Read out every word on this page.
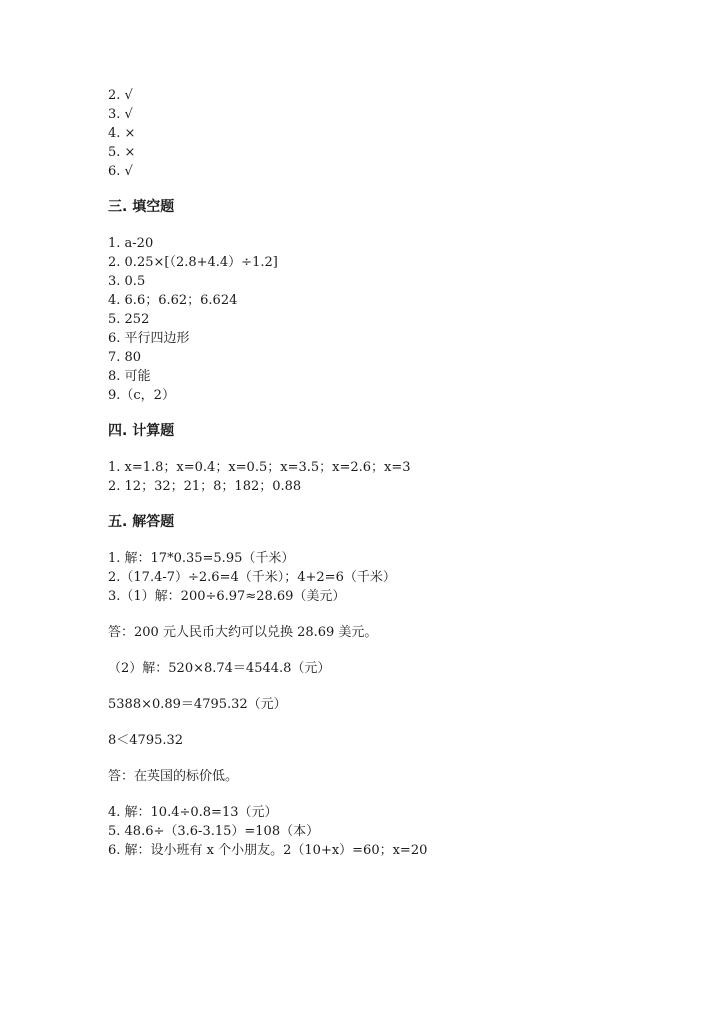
2. √
3. √
4. ×
5. ×
6. √
三. 填空题
1. a-20
2. 0.25×[（2.8+4.4）÷1.2]
3. 0.5
4. 6.6；6.62；6.624
5. 252
6. 平行四边形
7. 80
8. 可能
9.（c，2）
四. 计算题
1. x=1.8；x=0.4；x=0.5；x=3.5；x=2.6；x=3
2. 12；32；21；8；182；0.88
五. 解答题
1. 解：17*0.35=5.95（千米）
2.（17.4-7）÷2.6=4（千米）；4+2=6（千米）
3.（1）解：200÷6.97≈28.69（美元）
答：200 元人民币大约可以兑换 28.69 美元。
（2）解：520×8.74＝4544.8（元）
5388×0.89＝4795.32（元）
8＜4795.32
答：在英国的标价低。
4. 解：10.4÷0.8=13（元）
5. 48.6÷（3.6-3.15）=108（本）
6. 解：设小班有 x 个小朋友。2（10+x）=60；x=20
